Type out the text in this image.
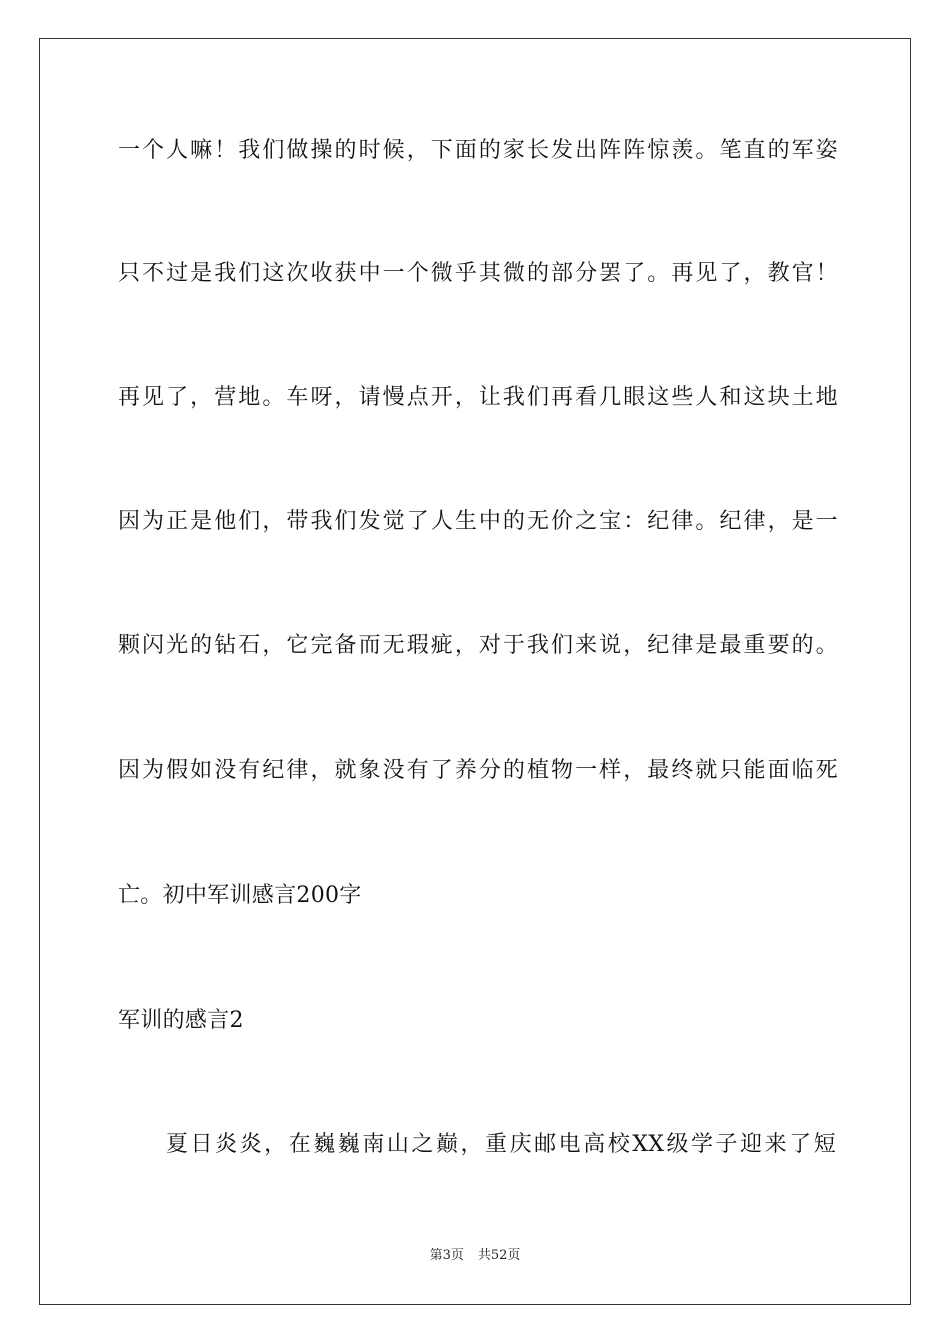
一个人嘛！我们做操的时候，下面的家长发出阵阵惊羡。笔直的军姿
只不过是我们这次收获中一个微乎其微的部分罢了。再见了，教官！
再见了，营地。车呀，请慢点开，让我们再看几眼这些人和这块土地
因为正是他们，带我们发觉了人生中的无价之宝：纪律。纪律，是一
颗闪光的钻石，它完备而无瑕疵，对于我们来说，纪律是最重要的。
因为假如没有纪律，就象没有了养分的植物一样，最终就只能面临死
亡。初中军训感言200字
军训的感言2
夏日炎炎，在巍巍南山之巅，重庆邮电高校XX级学子迎来了短
第3页 共52页
